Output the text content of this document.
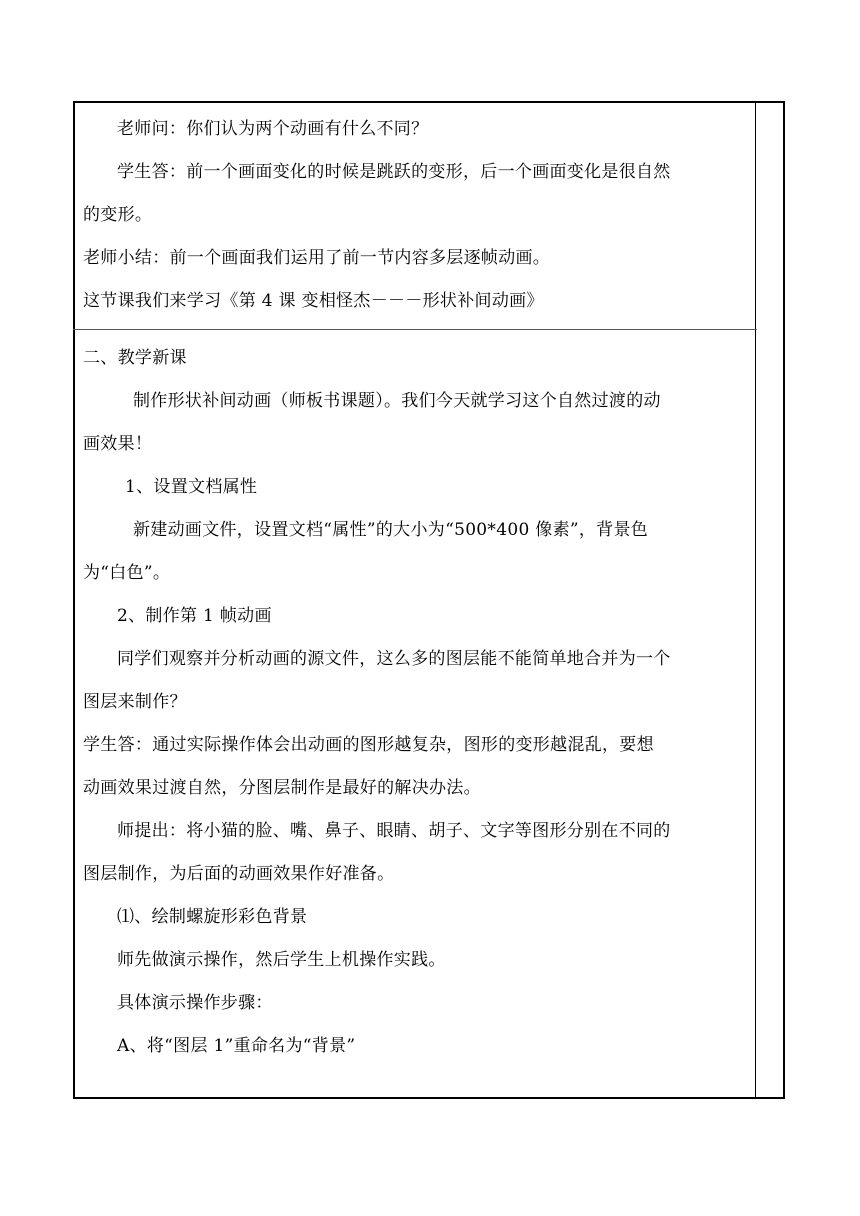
老师问：你们认为两个动画有什么不同？
学生答：前一个画面变化的时候是跳跃的变形，后一个画面变化是很自然
的变形。
老师小结：前一个画面我们运用了前一节内容多层逐帧动画。
这节课我们来学习《第 4 课 变相怪杰－－－形状补间动画》
二、教学新课
制作形状补间动画（师板书课题）。我们今天就学习这个自然过渡的动
画效果！
1、设置文档属性
新建动画文件，设置文档“属性”的大小为“500*400 像素”，背景色
为“白色”。
2、制作第 1 帧动画
同学们观察并分析动画的源文件，这么多的图层能不能简单地合并为一个
图层来制作？
学生答：通过实际操作体会出动画的图形越复杂，图形的变形越混乱，要想
动画效果过渡自然，分图层制作是最好的解决办法。
师提出：将小猫的脸、嘴、鼻子、眼睛、胡子、文字等图形分别在不同的
图层制作，为后面的动画效果作好准备。
⑴、绘制螺旋形彩色背景
师先做演示操作，然后学生上机操作实践。
具体演示操作步骤：
A、将“图层 1”重命名为“背景”
